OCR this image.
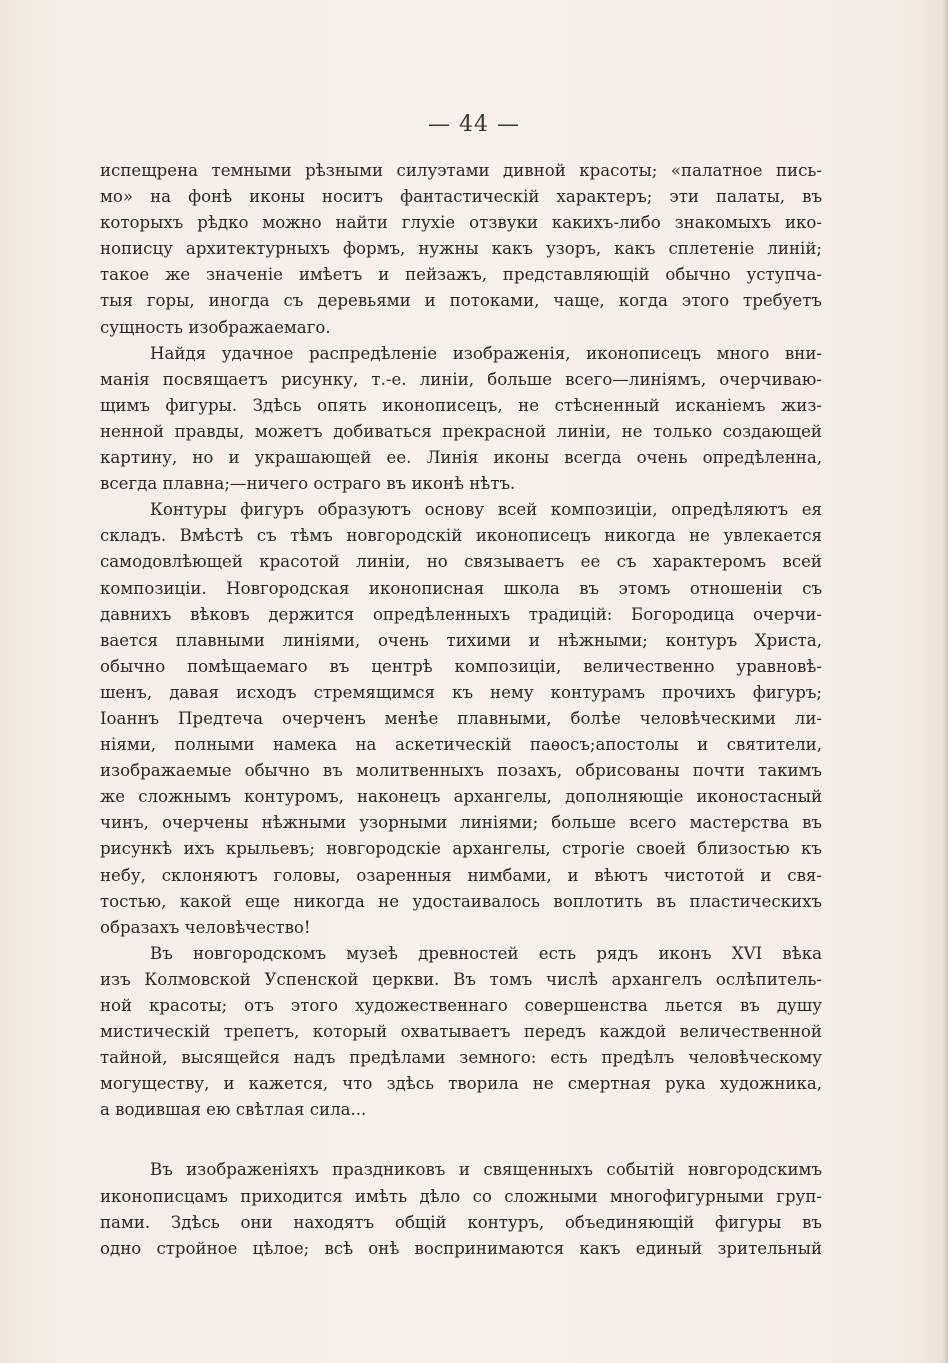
— 44 —
испещрена темными рѣзными силуэтами дивной красоты; «палатное пись-
мо» на фонѣ иконы носитъ фантастическій характеръ; эти палаты, въ
которыхъ рѣдко можно найти глухіе отзвуки какихъ-либо знакомыхъ ико-
нописцу архитектурныхъ формъ, нужны какъ узоръ, какъ сплетеніе линій;
такое же значеніе имѣетъ и пейзажъ, представляющій обычно уступча-
тыя горы, иногда съ деревьями и потоками, чаще, когда этого требуетъ
сущность изображаемаго.
Найдя удачное распредѣленіе изображенія, иконописецъ много вни-
манія посвящаетъ рисунку, т.-е. линіи, больше всего—линіямъ, очерчиваю-
щимъ фигуры. Здѣсь опять иконописецъ, не стѣсненный исканіемъ жиз-
ненной правды, можетъ добиваться прекрасной линіи, не только создающей
картину, но и украшающей ее. Линія иконы всегда очень опредѣленна,
всегда плавна;—ничего остраго въ иконѣ нѣтъ.
Контуры фигуръ образуютъ основу всей композиціи, опредѣляютъ ея
складъ. Вмѣстѣ съ тѣмъ новгородскій иконописецъ никогда не увлекается
самодовлѣющей красотой линіи, но связываетъ ее съ характеромъ всей
композиціи. Новгородская иконописная школа въ этомъ отношеніи съ
давнихъ вѣковъ держится опредѣленныхъ традицій: Богородица очерчи-
вается плавными линіями, очень тихими и нѣжными; контуръ Христа,
обычно помѣщаемаго въ центрѣ композиціи, величественно уравновѣ-
шенъ, давая исходъ стремящимся къ нему контурамъ прочихъ фигуръ;
Іоаннъ Предтеча очерченъ менѣе плавными, болѣе человѣческими ли-
ніями, полными намека на аскетическій паѳосъ;апостолы и святители,
изображаемые обычно въ молитвенныхъ позахъ, обрисованы почти такимъ
же сложнымъ контуромъ, наконецъ архангелы, дополняющіе иконостасный
чинъ, очерчены нѣжными узорными линіями; больше всего мастерства въ
рисункѣ ихъ крыльевъ; новгородскіе архангелы, строгіе своей близостью къ
небу, склоняютъ головы, озаренныя нимбами, и вѣютъ чистотой и свя-
тостью, какой еще никогда не удостаивалось воплотить въ пластическихъ
образахъ человѣчество!
Въ новгородскомъ музеѣ древностей есть рядъ иконъ XVI вѣка
изъ Колмовской Успенской церкви. Въ томъ числѣ архангелъ ослѣпитель-
ной красоты; отъ этого художественнаго совершенства льется въ душу
мистическій трепетъ, который охватываетъ передъ каждой величественной
тайной, высящейся надъ предѣлами земного: есть предѣлъ человѣческому
могуществу, и кажется, что здѣсь творила не смертная рука художника,
а водившая ею свѣтлая сила...
Въ изображеніяхъ праздниковъ и священныхъ событій новгородскимъ
иконописцамъ приходится имѣть дѣло со сложными многофигурными груп-
пами. Здѣсь они находятъ общій контуръ, объединяющій фигуры въ
одно стройное цѣлое; всѣ онѣ воспринимаются какъ единый зрительный
